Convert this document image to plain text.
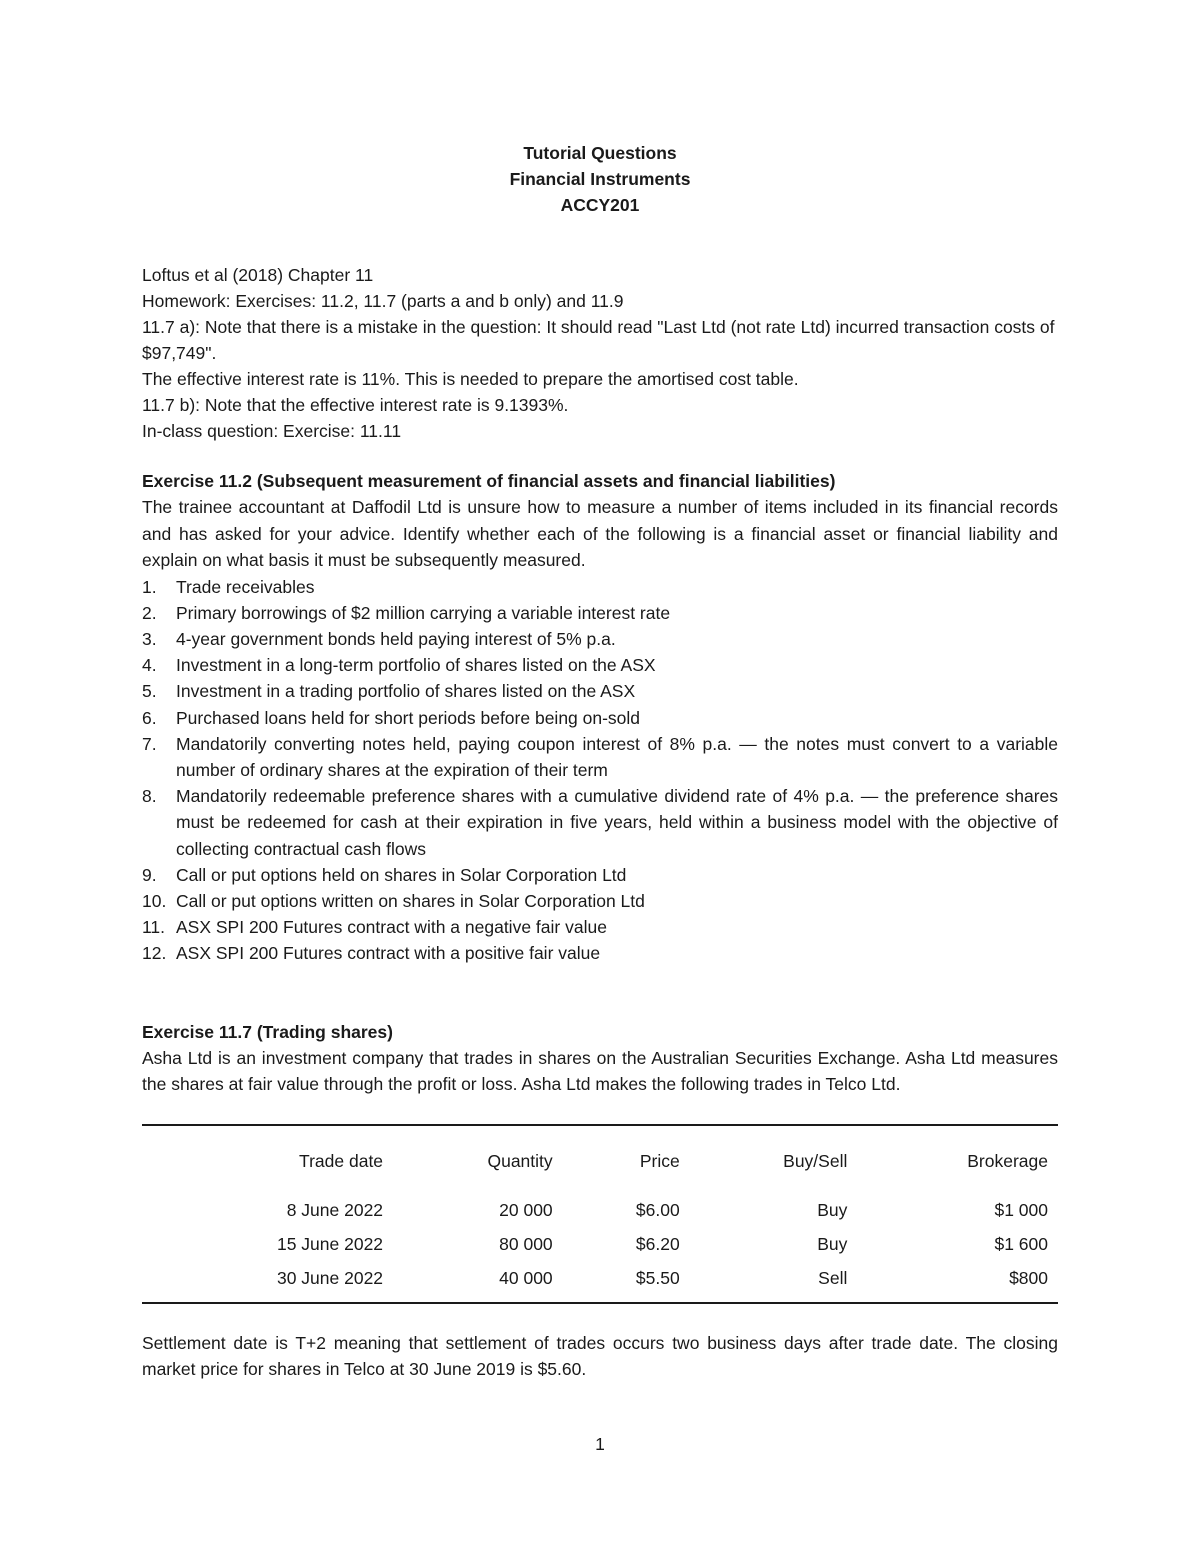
Tutorial Questions
Financial Instruments
ACCY201
Loftus et al (2018) Chapter 11
Homework: Exercises: 11.2, 11.7 (parts a and b only) and 11.9
11.7 a): Note that there is a mistake in the question: It should read "Last Ltd (not rate Ltd) incurred transaction costs of $97,749".
The effective interest rate is 11%. This is needed to prepare the amortised cost table.
11.7 b): Note that the effective interest rate is 9.1393%.
In-class question: Exercise: 11.11
Exercise 11.2 (Subsequent measurement of financial assets and financial liabilities)
The trainee accountant at Daffodil Ltd is unsure how to measure a number of items included in its financial records and has asked for your advice. Identify whether each of the following is a financial asset or financial liability and explain on what basis it must be subsequently measured.
1.	Trade receivables
2.	Primary borrowings of $2 million carrying a variable interest rate
3.	4-year government bonds held paying interest of 5% p.a.
4.	Investment in a long-term portfolio of shares listed on the ASX
5.	Investment in a trading portfolio of shares listed on the ASX
6.	Purchased loans held for short periods before being on-sold
7.	Mandatorily converting notes held, paying coupon interest of 8% p.a. — the notes must convert to a variable number of ordinary shares at the expiration of their term
8.	Mandatorily redeemable preference shares with a cumulative dividend rate of 4% p.a. — the preference shares must be redeemed for cash at their expiration in five years, held within a business model with the objective of collecting contractual cash flows
9.	Call or put options held on shares in Solar Corporation Ltd
10. Call or put options written on shares in Solar Corporation Ltd
11. ASX SPI 200 Futures contract with a negative fair value
12. ASX SPI 200 Futures contract with a positive fair value
Exercise 11.7 (Trading shares)
Asha Ltd is an investment company that trades in shares on the Australian Securities Exchange. Asha Ltd measures the shares at fair value through the profit or loss. Asha Ltd makes the following trades in Telco Ltd.
Trade date	Quantity	Price	Buy/Sell	Brokerage
8 June 2022	20 000	$6.00	Buy	$1 000
15 June 2022	80 000	$6.20	Buy	$1 600
30 June 2022	40 000	$5.50	Sell	$800
Settlement date is T+2 meaning that settlement of trades occurs two business days after trade date. The closing market price for shares in Telco at 30 June 2019 is $5.60.
1
